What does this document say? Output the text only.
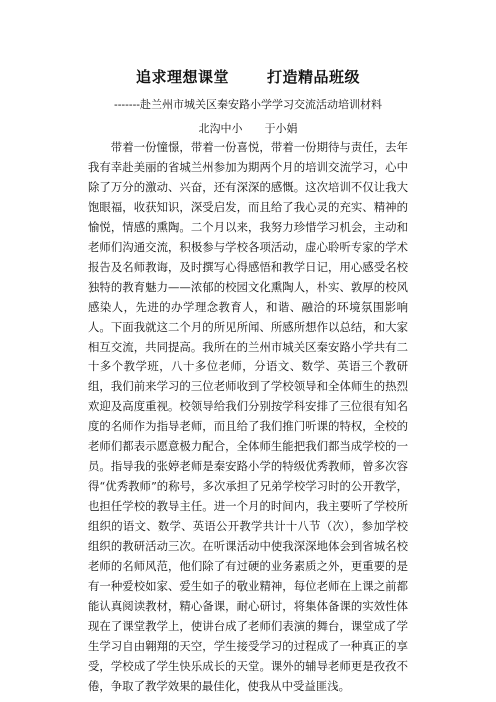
追求理想课堂	打造精品班级
-------赴兰州市城关区秦安路小学学习交流活动培训材料
北沟中小 于小娟

带着一份憧憬，带着一份喜悦，带着一份期待与责任，去年我有幸赴美丽的省城兰州参加为期两个月的培训交流学习，心中除了万分的激动、兴奋，还有深深的感慨。这次培训不仅让我大饱眼福，收获知识，深受启发，而且给了我心灵的充实、精神的愉悦，情感的熏陶。二个月以来，我努力珍惜学习机会，主动和老师们沟通交流，积极参与学校各项活动，虚心聆听专家的学术报告及名师教诲，及时撰写心得感悟和教学日记，用心感受名校独特的教育魅力——浓郁的校园文化熏陶人，朴实、敦厚的校风感染人，先进的办学理念教育人，和谐、融洽的环境氛围影响人。下面我就这二个月的所见所闻、所感所想作以总结，和大家相互交流，共同提高。我所在的兰州市城关区秦安路小学共有二十多个教学班，八十多位老师，分语文、数学、英语三个教研组，我们前来学习的三位老师收到了学校领导和全体师生的热烈欢迎及高度重视。校领导给我们分别按学科安排了三位很有知名度的名师作为指导老师，而且给了我们推门听课的特权，全校的老师们都表示愿意极力配合，全体师生能把我们都当成学校的一员。指导我的张婷老师是秦安路小学的特级优秀教师，曾多次容得“优秀教师”的称号，多次承担了兄弟学校学习时的公开教学，也担任学校的教导主任。进一个月的时间内，我主要听了学校所组织的语文、数学、英语公开教学共计十八节（次），参加学校组织的教研活动三次。在听课活动中使我深深地体会到省城名校老师的名师风范，他们除了有过硬的业务素质之外，更重要的是有一种爱校如家、爱生如子的敬业精神，每位老师在上课之前都能认真阅读教材，精心备课，耐心研讨，将集体备课的实效性体现在了课堂教学上，使讲台成了老师们表演的舞台，课堂成了学生学习自由翱翔的天空，学生接受学习的过程成了一种真正的享受，学校成了学生快乐成长的天堂。课外的辅导老师更是孜孜不倦，争取了教学效果的最佳化，使我从中受益匪浅。
